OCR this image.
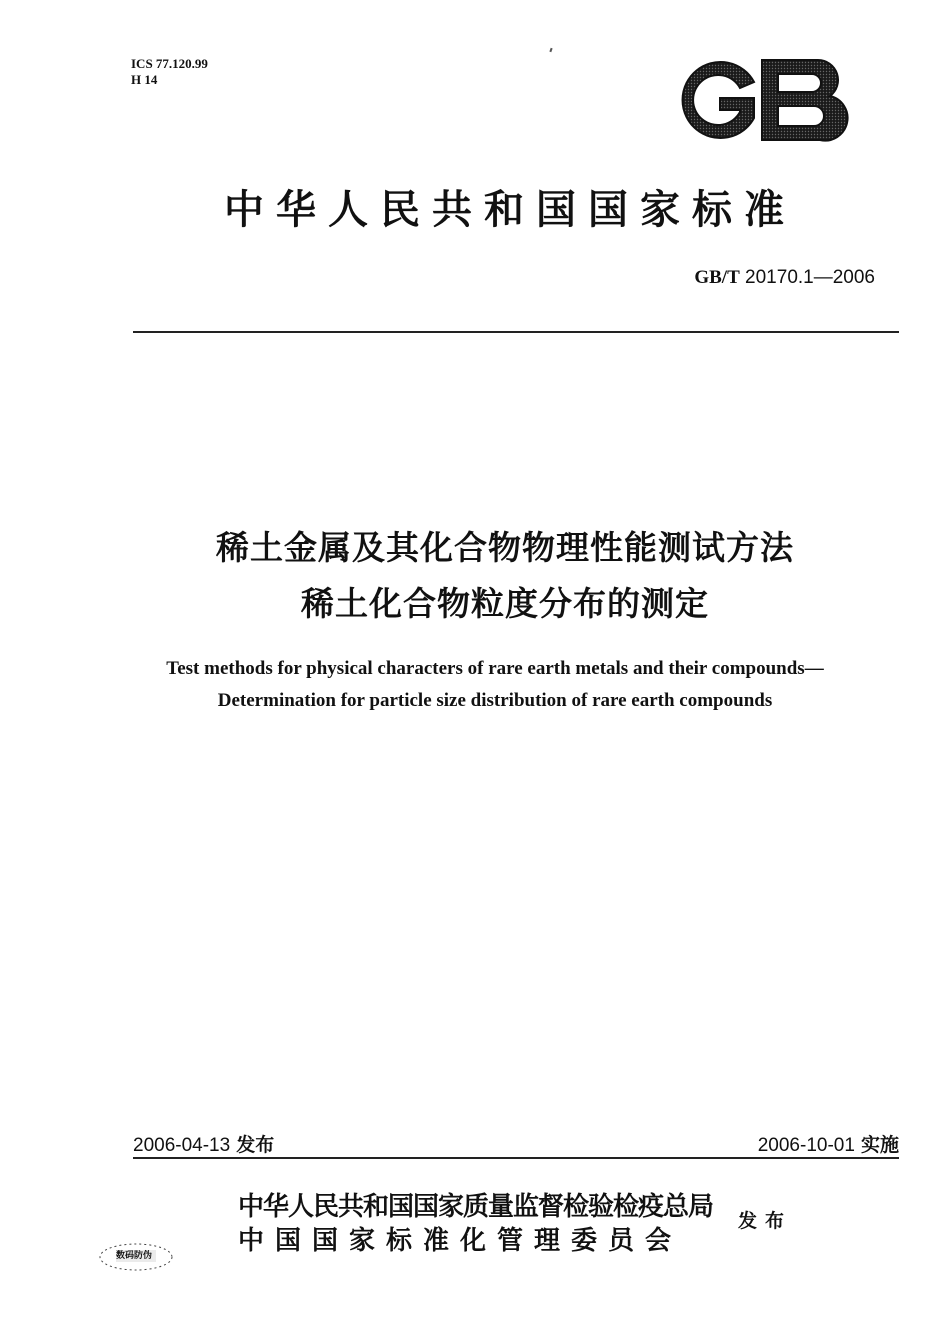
ICS 77.120.99
H 14
中华人民共和国国家标准
GB/T 20170.1—2006
稀土金属及其化合物物理性能测试方法
稀土化合物粒度分布的测定
Test methods for physical characters of rare earth metals and their compounds—
Determination for particle size distribution of rare earth compounds
2006-04-13 发布	2006-10-01 实施
中华人民共和国国家质量监督检验检疫总局
中国国家标准化管理委员会
发布
数码防伪
